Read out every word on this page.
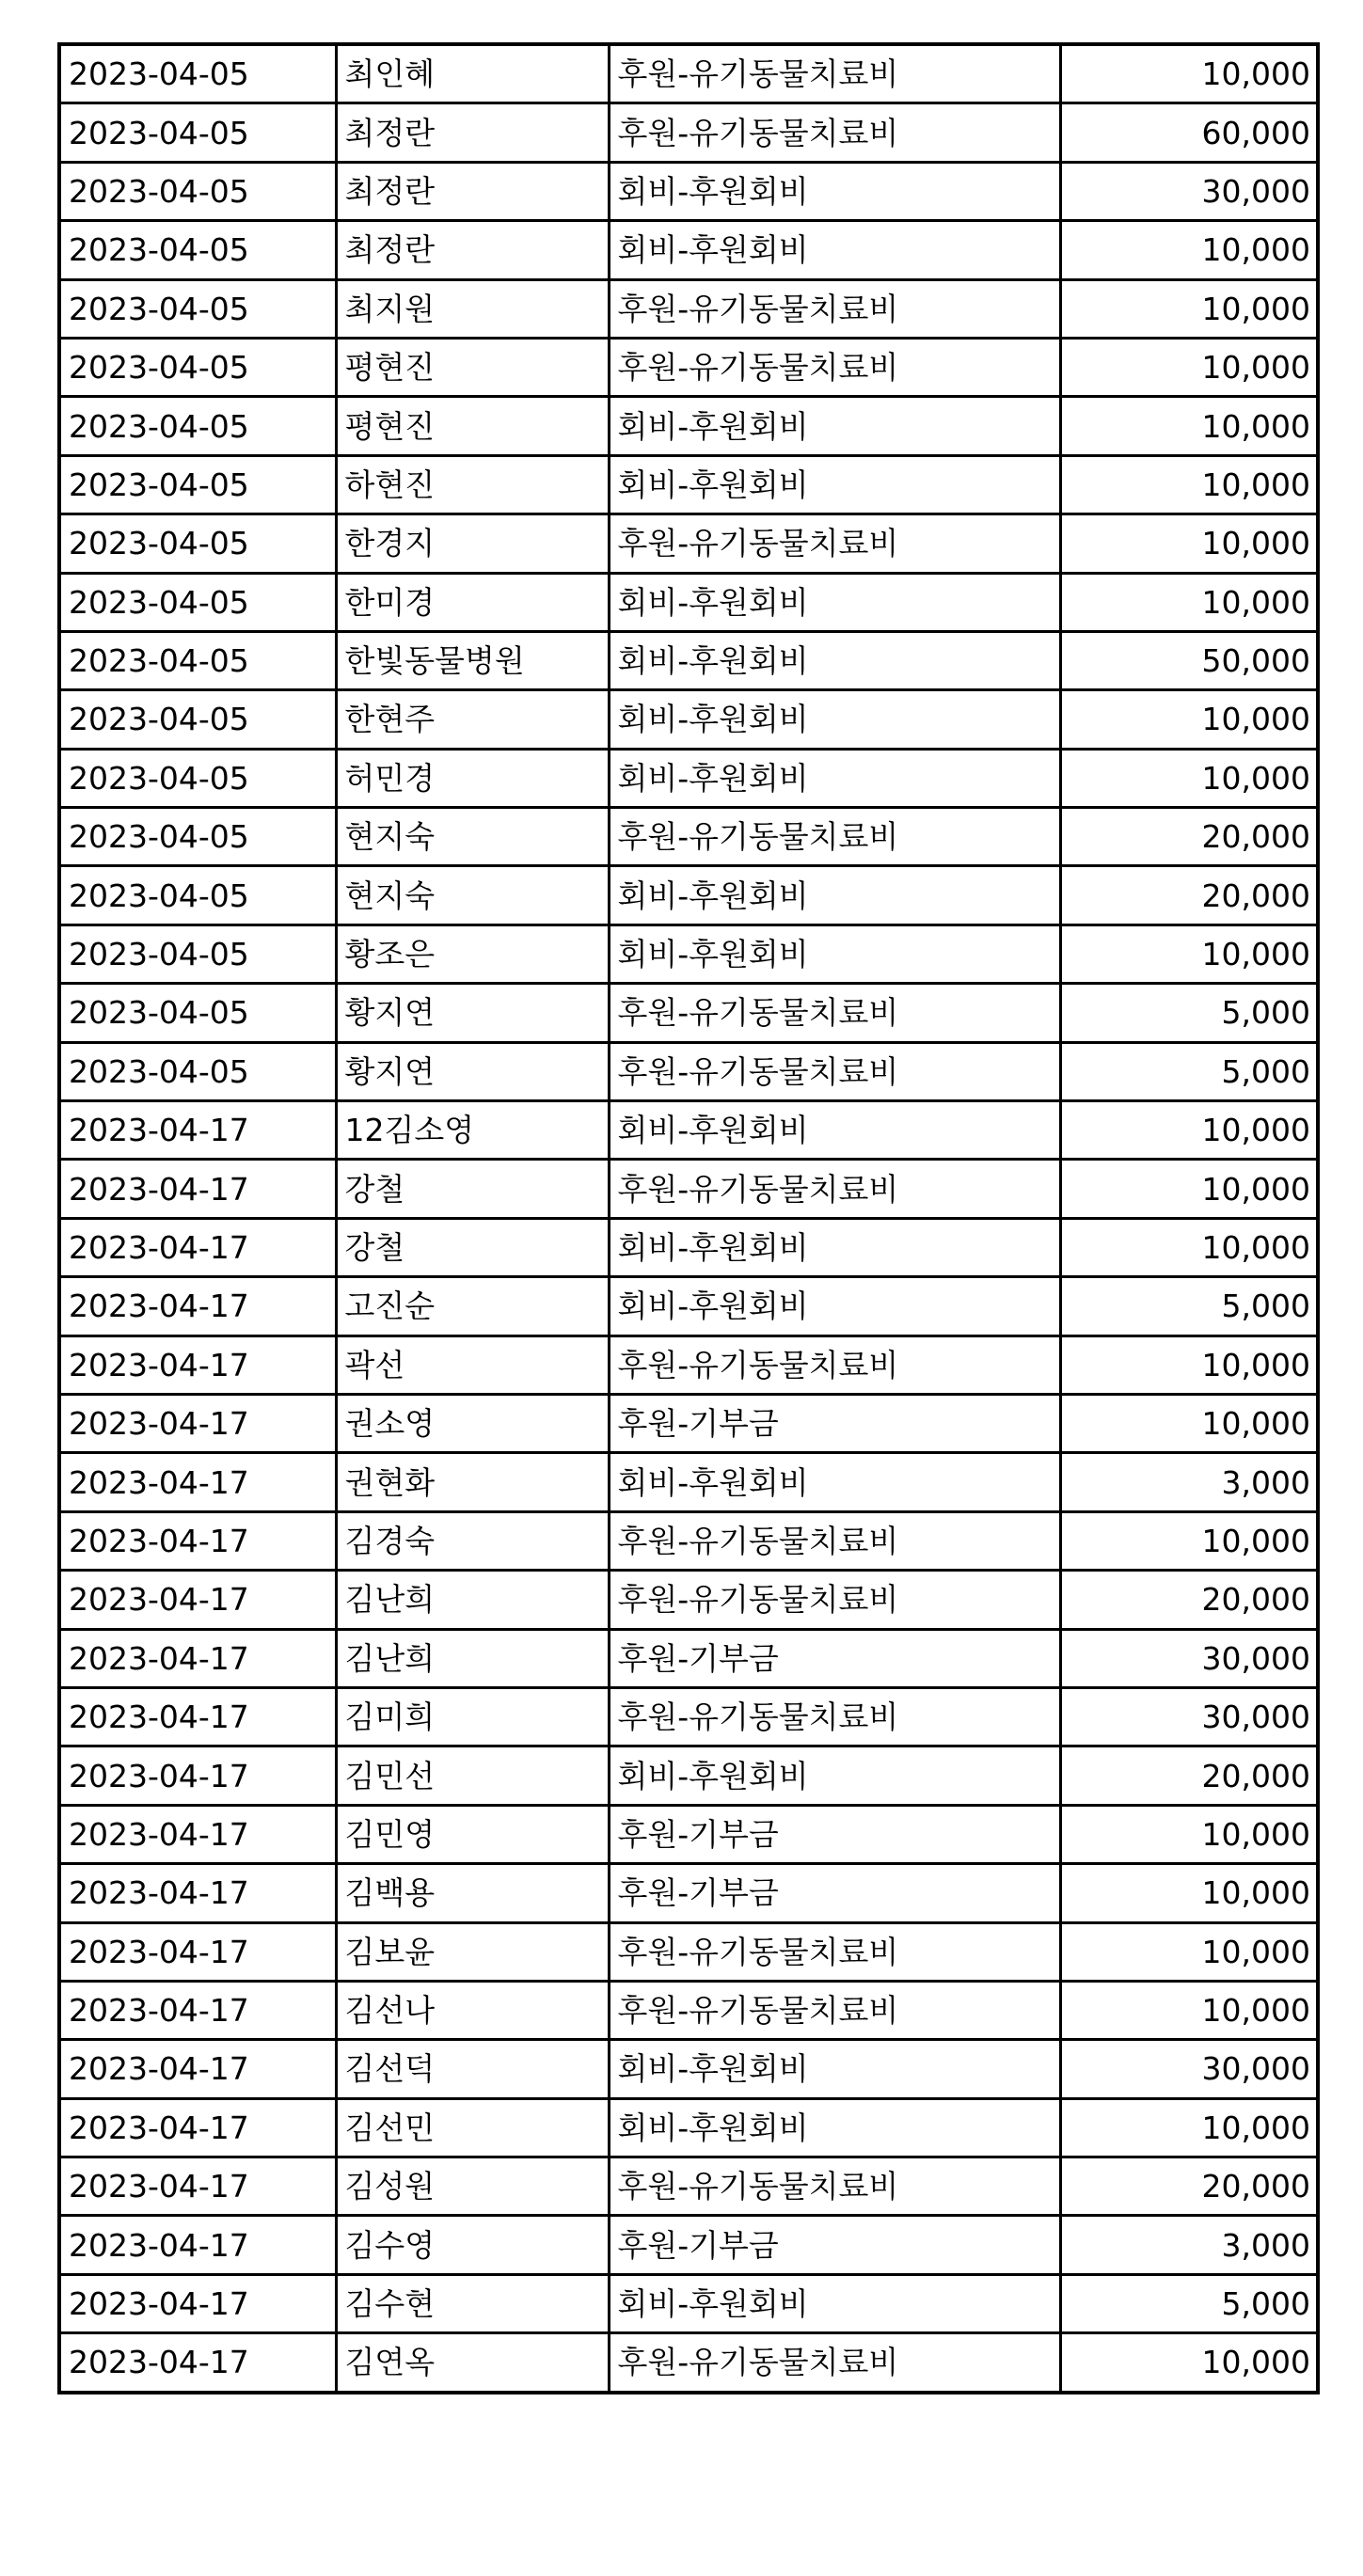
2023-04-05	최인혜	후원-유기동물치료비	10,000
2023-04-05	최정란	후원-유기동물치료비	60,000
2023-04-05	최정란	회비-후원회비	30,000
2023-04-05	최정란	회비-후원회비	10,000
2023-04-05	최지원	후원-유기동물치료비	10,000
2023-04-05	평현진	후원-유기동물치료비	10,000
2023-04-05	평현진	회비-후원회비	10,000
2023-04-05	하현진	회비-후원회비	10,000
2023-04-05	한경지	후원-유기동물치료비	10,000
2023-04-05	한미경	회비-후원회비	10,000
2023-04-05	한빛동물병원	회비-후원회비	50,000
2023-04-05	한현주	회비-후원회비	10,000
2023-04-05	허민경	회비-후원회비	10,000
2023-04-05	현지숙	후원-유기동물치료비	20,000
2023-04-05	현지숙	회비-후원회비	20,000
2023-04-05	황조은	회비-후원회비	10,000
2023-04-05	황지연	후원-유기동물치료비	5,000
2023-04-05	황지연	후원-유기동물치료비	5,000
2023-04-17	12김소영	회비-후원회비	10,000
2023-04-17	강철	후원-유기동물치료비	10,000
2023-04-17	강철	회비-후원회비	10,000
2023-04-17	고진순	회비-후원회비	5,000
2023-04-17	곽선	후원-유기동물치료비	10,000
2023-04-17	권소영	후원-기부금	10,000
2023-04-17	권현화	회비-후원회비	3,000
2023-04-17	김경숙	후원-유기동물치료비	10,000
2023-04-17	김난희	후원-유기동물치료비	20,000
2023-04-17	김난희	후원-기부금	30,000
2023-04-17	김미희	후원-유기동물치료비	30,000
2023-04-17	김민선	회비-후원회비	20,000
2023-04-17	김민영	후원-기부금	10,000
2023-04-17	김백용	후원-기부금	10,000
2023-04-17	김보윤	후원-유기동물치료비	10,000
2023-04-17	김선나	후원-유기동물치료비	10,000
2023-04-17	김선덕	회비-후원회비	30,000
2023-04-17	김선민	회비-후원회비	10,000
2023-04-17	김성원	후원-유기동물치료비	20,000
2023-04-17	김수영	후원-기부금	3,000
2023-04-17	김수현	회비-후원회비	5,000
2023-04-17	김연옥	후원-유기동물치료비	10,000
